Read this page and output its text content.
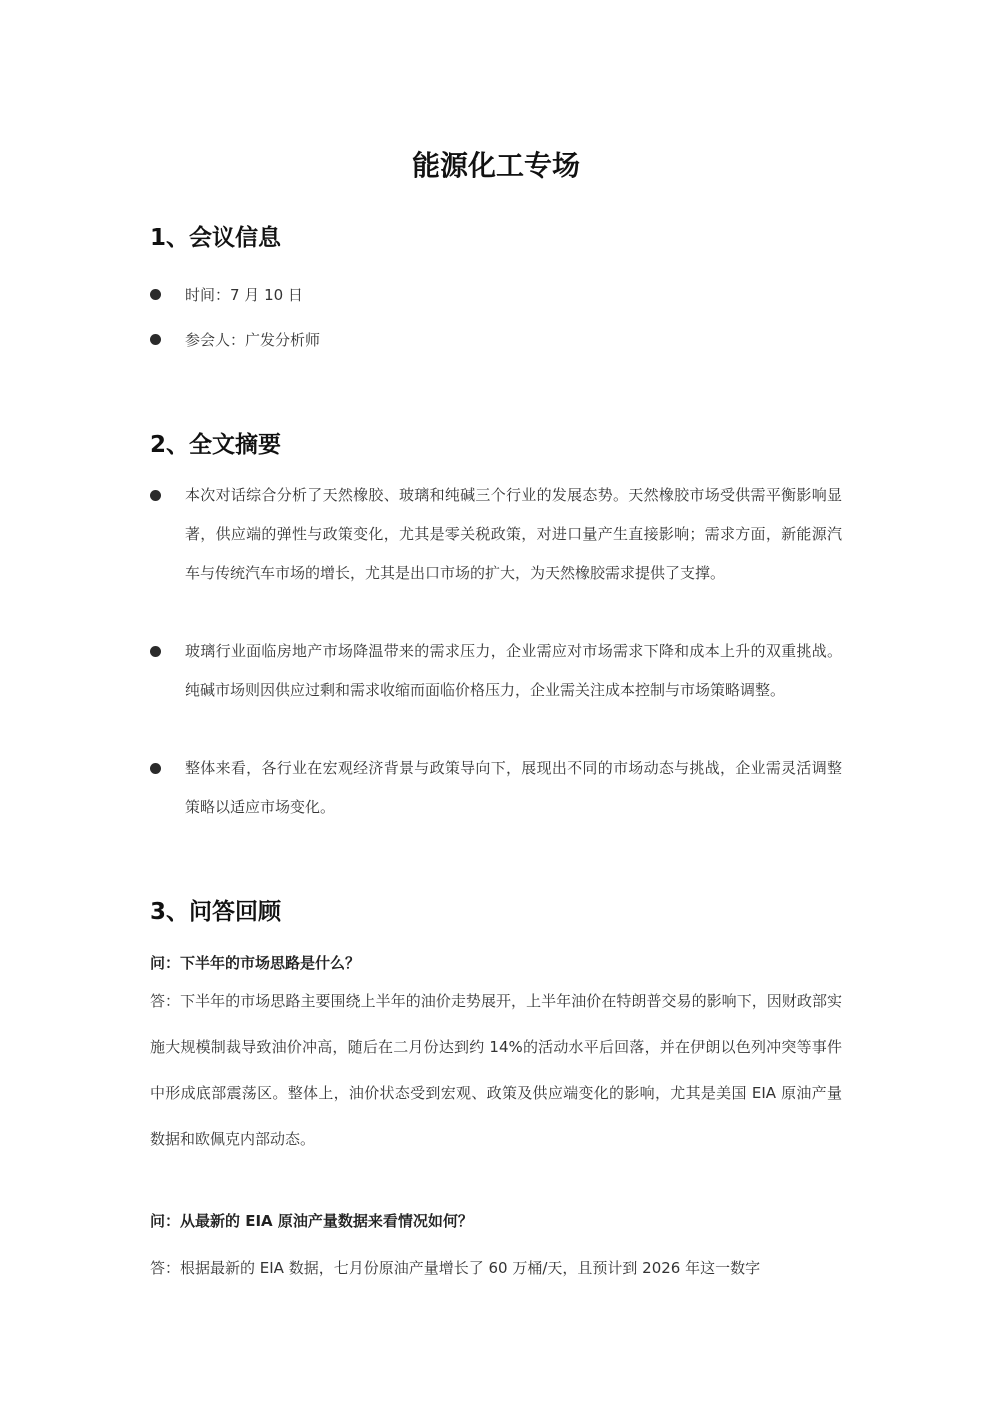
能源化工专场
1、会议信息
时间：7 月 10 日
参会人：广发分析师
2、全文摘要
本次对话综合分析了天然橡胶、玻璃和纯碱三个行业的发展态势。天然橡胶市场受供需平衡影响显著，供应端的弹性与政策变化，尤其是零关税政策，对进口量产生直接影响；需求方面，新能源汽车与传统汽车市场的增长，尤其是出口市场的扩大，为天然橡胶需求提供了支撑。
玻璃行业面临房地产市场降温带来的需求压力，企业需应对市场需求下降和成本上升的双重挑战。纯碱市场则因供应过剩和需求收缩而面临价格压力，企业需关注成本控制与市场策略调整。
整体来看，各行业在宏观经济背景与政策导向下，展现出不同的市场动态与挑战，企业需灵活调整策略以适应市场变化。
3、问答回顾

问：下半年的市场思路是什么？

答：下半年的市场思路主要围绕上半年的油价走势展开，上半年油价在特朗普交易的影响下，因财政部实施大规模制裁导致油价冲高，随后在二月份达到约 14%的活动水平后回落，并在伊朗以色列冲突等事件中形成底部震荡区。整体上，油价状态受到宏观、政策及供应端变化的影响，尤其是美国 EIA 原油产量数据和欧佩克内部动态。

问：从最新的 EIA 原油产量数据来看情况如何？

答：根据最新的 EIA 数据，七月份原油产量增长了 60 万桶/天，且预计到 2026 年这一数字
